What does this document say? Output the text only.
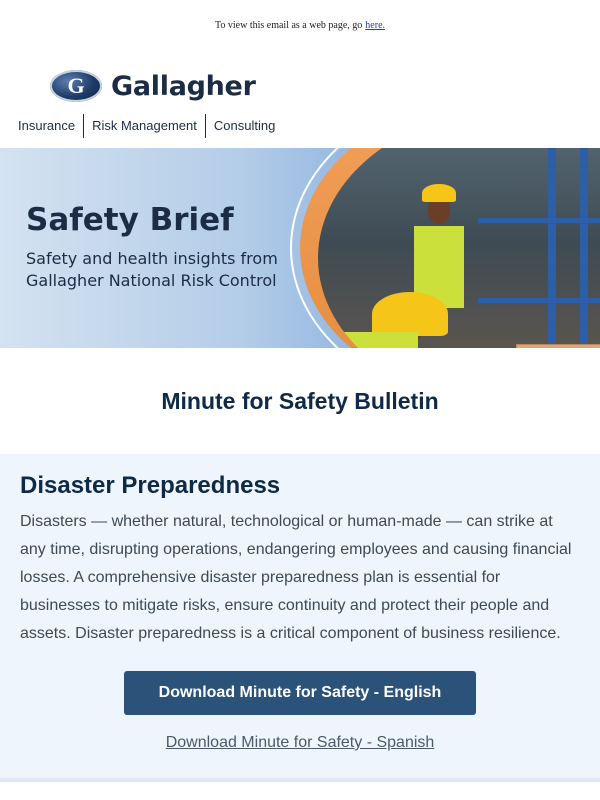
To view this email as a web page, go here.
G Gallagher
Insurance	Risk Management	Consulting
Safety Brief
Safety and health insights from Gallagher National Risk Control
Minute for Safety Bulletin
Disaster Preparedness

Disasters — whether natural, technological or human-made — can strike at any time, disrupting operations, endangering employees and causing financial losses. A comprehensive disaster preparedness plan is essential for businesses to mitigate risks, ensure continuity and protect their people and assets. Disaster preparedness is a critical component of business resilience.

Download Minute for Safety - English
Download Minute for Safety - Spanish
